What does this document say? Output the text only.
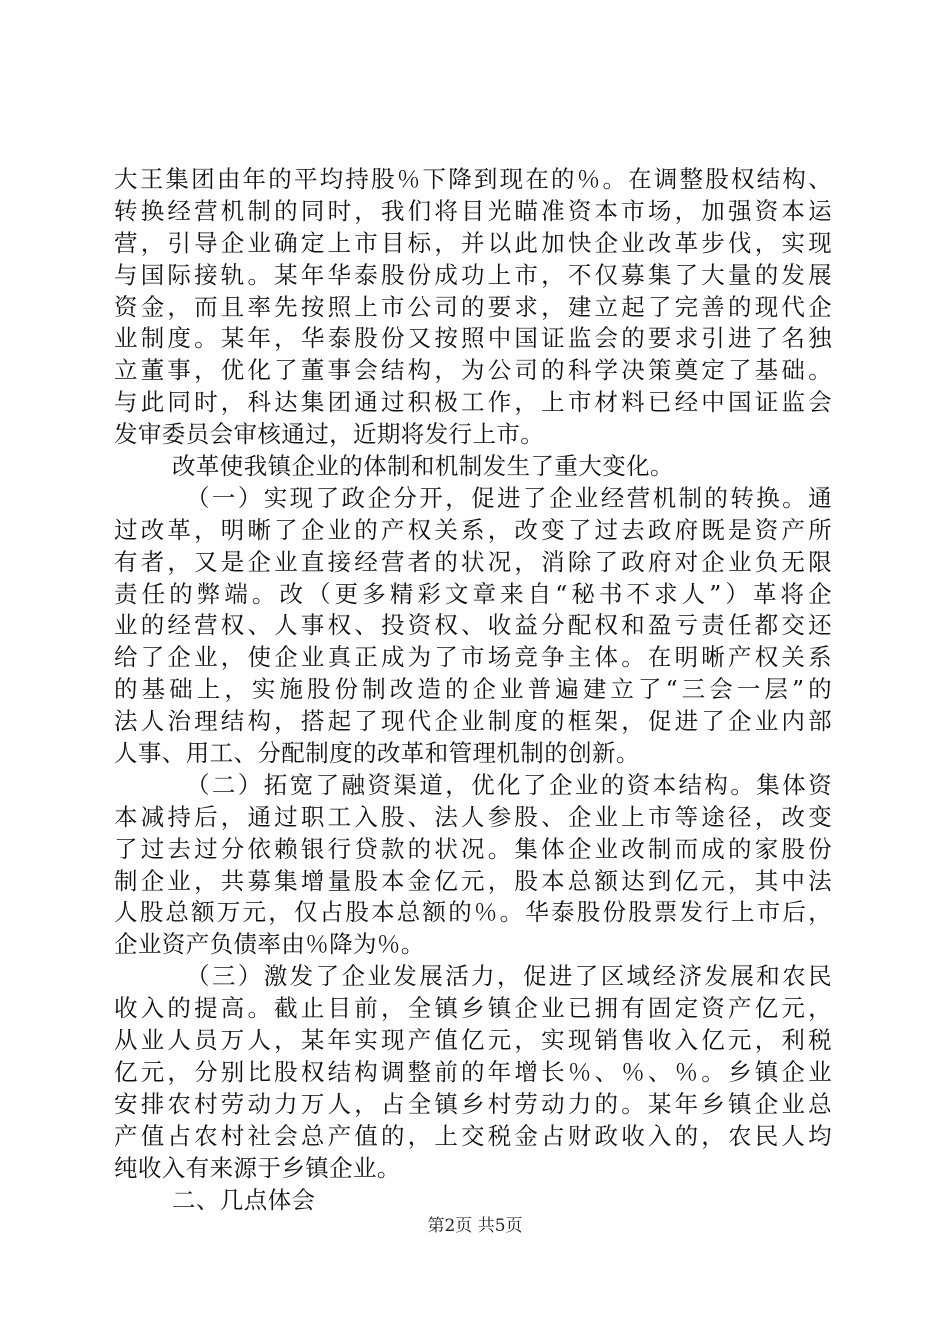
大王集团由年的平均持股％下降到现在的％。在调整股权结构、
转换经营机制的同时，我们将目光瞄准资本市场，加强资本运
营，引导企业确定上市目标，并以此加快企业改革步伐，实现
与国际接轨。某年华泰股份成功上市，不仅募集了大量的发展
资金，而且率先按照上市公司的要求，建立起了完善的现代企
业制度。某年，华泰股份又按照中国证监会的要求引进了名独
立董事，优化了董事会结构，为公司的科学决策奠定了基础。
与此同时，科达集团通过积极工作，上市材料已经中国证监会
发审委员会审核通过，近期将发行上市。
改革使我镇企业的体制和机制发生了重大变化。
（一）实现了政企分开，促进了企业经营机制的转换。通
过改革，明晰了企业的产权关系，改变了过去政府既是资产所
有者，又是企业直接经营者的状况，消除了政府对企业负无限
责任的弊端。改（更多精彩文章来自“秘书不求人”）革将企
业的经营权、人事权、投资权、收益分配权和盈亏责任都交还
给了企业，使企业真正成为了市场竞争主体。在明晰产权关系
的基础上，实施股份制改造的企业普遍建立了“三会一层”的
法人治理结构，搭起了现代企业制度的框架，促进了企业内部
人事、用工、分配制度的改革和管理机制的创新。
（二）拓宽了融资渠道，优化了企业的资本结构。集体资
本减持后，通过职工入股、法人参股、企业上市等途径，改变
了过去过分依赖银行贷款的状况。集体企业改制而成的家股份
制企业，共募集增量股本金亿元，股本总额达到亿元，其中法
人股总额万元，仅占股本总额的％。华泰股份股票发行上市后，
企业资产负债率由％降为％。
（三）激发了企业发展活力，促进了区域经济发展和农民
收入的提高。截止目前，全镇乡镇企业已拥有固定资产亿元，
从业人员万人，某年实现产值亿元，实现销售收入亿元，利税
亿元，分别比股权结构调整前的年增长％、％、％。乡镇企业
安排农村劳动力万人，占全镇乡村劳动力的。某年乡镇企业总
产值占农村社会总产值的，上交税金占财政收入的，农民人均
纯收入有来源于乡镇企业。
二、几点体会
第2页 共5页
